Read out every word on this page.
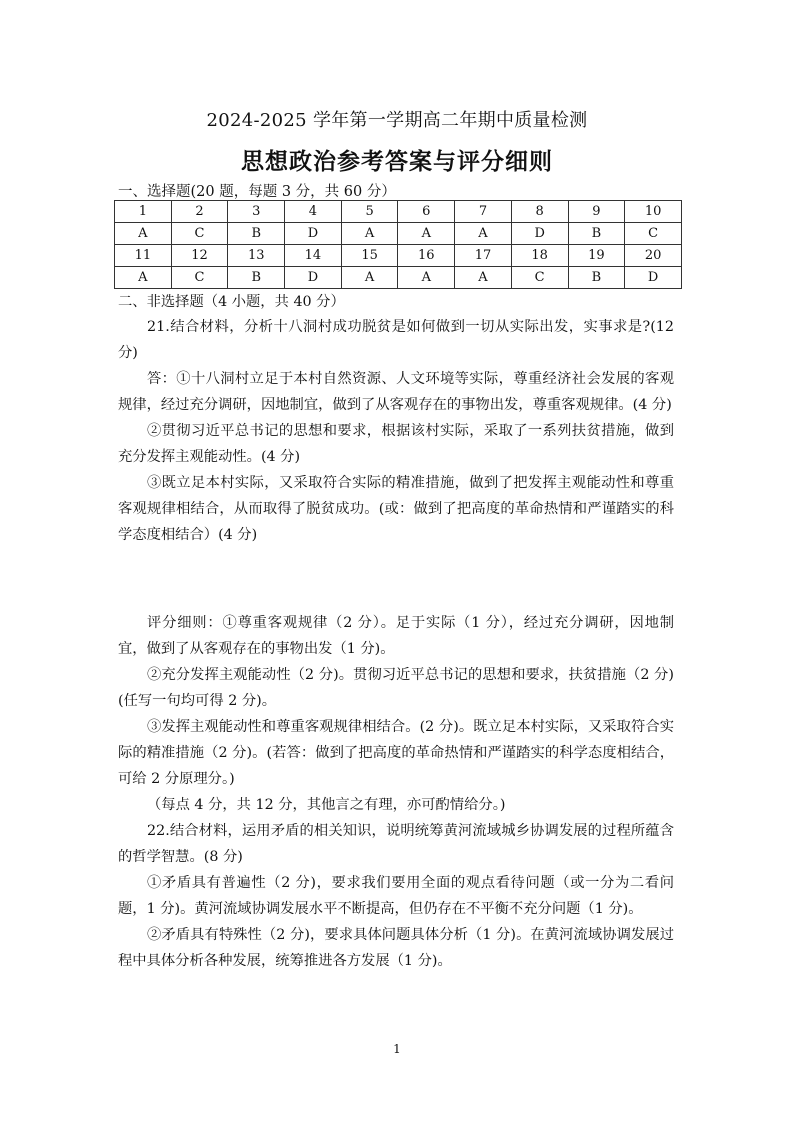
2024-2025 学年第一学期高二年期中质量检测
思想政治参考答案与评分细则
一、选择题(20 题，每题 3 分，共 60 分）
1	2	3	4	5	6	7	8	9	10
A	C	B	D	A	A	A	D	B	C
11	12	13	14	15	16	17	18	19	20
A	C	B	D	A	A	A	C	B	D
二、非选择题（4 小题，共 40 分）

21.结合材料，分析十八洞村成功脱贫是如何做到一切从实际出发，实事求是?(12 分)

答：①十八洞村立足于本村自然资源、人文环境等实际，尊重经济社会发展的客观规律，经过充分调研，因地制宜，做到了从客观存在的事物出发，尊重客观规律。(4 分)

②贯彻习近平总书记的思想和要求，根据该村实际，采取了一系列扶贫措施，做到充分发挥主观能动性。(4 分)

③既立足本村实际，又采取符合实际的精准措施，做到了把发挥主观能动性和尊重客观规律相结合，从而取得了脱贫成功。(或：做到了把高度的革命热情和严谨踏实的科学态度相结合）(4 分)

评分细则：①尊重客观规律（2 分）。足于实际（1 分），经过充分调研，因地制宜，做到了从客观存在的事物出发（1 分)。

②充分发挥主观能动性（2 分)。贯彻习近平总书记的思想和要求，扶贫措施（2 分)(任写一句均可得 2 分)。

③发挥主观能动性和尊重客观规律相结合。(2 分)。既立足本村实际，又采取符合实际的精准措施（2 分)。(若答：做到了把高度的革命热情和严谨踏实的科学态度相结合，可给 2 分原理分。)

（每点 4 分，共 12 分，其他言之有理，亦可酌情给分。)

22.结合材料，运用矛盾的相关知识，说明统筹黄河流域城乡协调发展的过程所蕴含的哲学智慧。(8 分)

①矛盾具有普遍性（2 分)，要求我们要用全面的观点看待问题（或一分为二看问题，1 分)。黄河流域协调发展水平不断提高，但仍存在不平衡不充分问题（1 分)。

②矛盾具有特殊性（2 分)，要求具体问题具体分析（1 分)。在黄河流域协调发展过程中具体分析各种发展，统筹推进各方发展（1 分)。

1
